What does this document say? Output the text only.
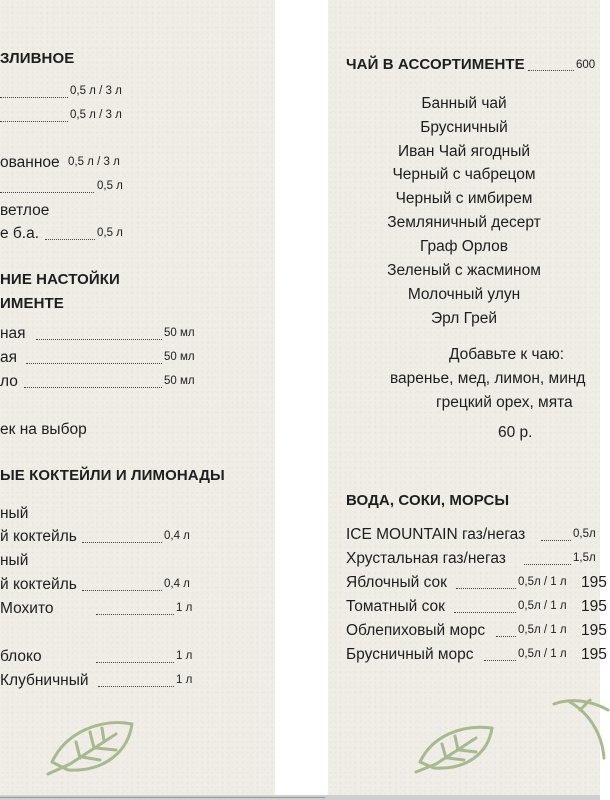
ЗЛИВНОЕ
0,5 л / 3 л
0,5 л / 3 л
ованное 0,5 л / 3 л
0,5 л
ветлое
е б.а.	0,5 л
НИЕ НАСТОЙКИ
ИМЕНТЕ
ная	50 мл
ая	50 мл
ло	50 мл
ек на выбор
ЫЕ КОКТЕЙЛИ И ЛИМОНАДЫ
ный
й коктейль	0,4 л
ный
й коктейль	0,4 л
Мохито	1 л
блоко	1 л
Клубничный	1 л
ЧАЙ В АССОРТИМЕНТЕ	600
Банный чай
Брусничный
Иван Чай ягодный
Черный с чабрецом
Черный с имбирем
Земляничный десерт
Граф Орлов
Зеленый с жасмином
Молочный улун
Эрл Грей
Добавьте к чаю:
варенье, мед, лимон, минд
грецкий орех, мята
60 р.
ВОДА, СОКИ, МОРСЫ
ICE MOUNTAIN газ/негаз	0,5л
Хрустальная газ/негаз	1,5л
Яблочный сок	0,5л / 1 л 195
Томатный сок	0,5л / 1 л 195
Облепиховый морс	0,5л / 1 л 195
Брусничный морс	0,5л / 1 л 195
